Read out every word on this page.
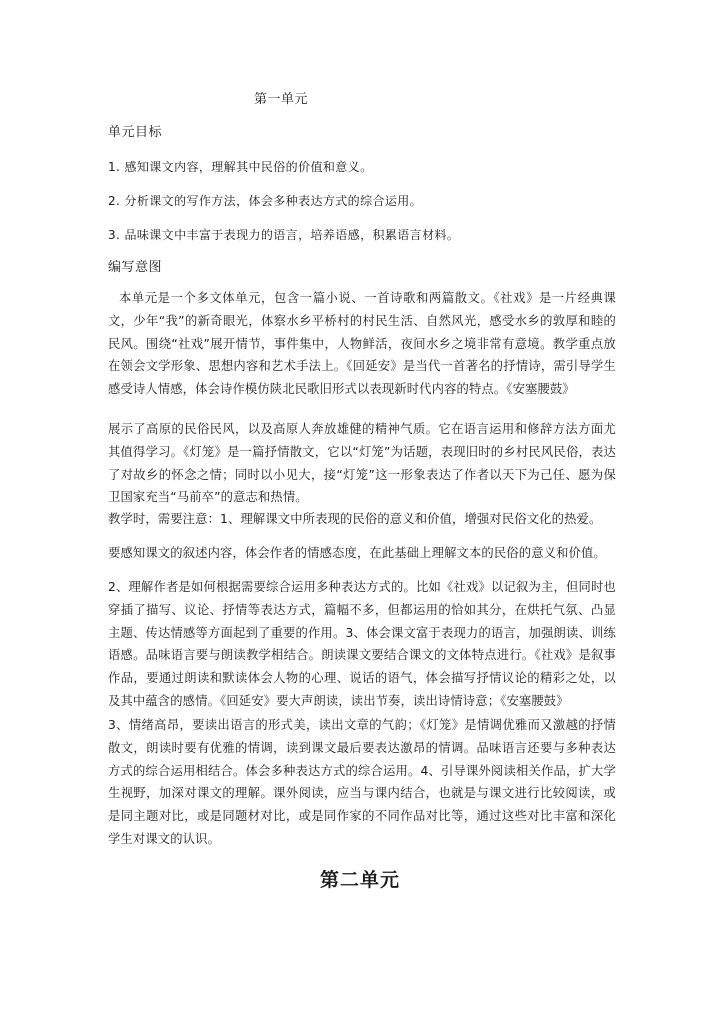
第一单元
单元目标
1. 感知课文内容，理解其中民俗的价值和意义。
2. 分析课文的写作方法，体会多种表达方式的综合运用。
3. 品味课文中丰富于表现力的语言，培养语感，积累语言材料。
编写意图
本单元是一个多文体单元，包含一篇小说、一首诗歌和两篇散文。《社戏》是一片经典课文，少年“我”的新奇眼光，体察水乡平桥村的村民生活、自然风光，感受水乡的敦厚和睦的民风。围绕“社戏”展开情节，事件集中，人物鲜活，夜间水乡之境非常有意境。教学重点放在领会文学形象、思想内容和艺术手法上。《回延安》是当代一首著名的抒情诗，需引导学生感受诗人情感，体会诗作模仿陕北民歌旧形式以表现新时代内容的特点。《安塞腰鼓》
展示了高原的民俗民风，以及高原人奔放雄健的精神气质。它在语言运用和修辞方法方面尤其值得学习。《灯笼》是一篇抒情散文，它以“灯笼”为话题，表现旧时的乡村民风民俗，表达了对故乡的怀念之情；同时以小见大，接“灯笼”这一形象表达了作者以天下为己任、愿为保卫国家充当“马前卒”的意志和热情。
教学时，需要注意：1、理解课文中所表现的民俗的意义和价值，增强对民俗文化的热爱。
要感知课文的叙述内容，体会作者的情感态度，在此基础上理解文本的民俗的意义和价值。
2、理解作者是如何根据需要综合运用多种表达方式的。比如《社戏》以记叙为主，但同时也穿插了描写、议论、抒情等表达方式，篇幅不多，但都运用的恰如其分，在烘托气氛、凸显主题、传达情感等方面起到了重要的作用。3、体会课文富于表现力的语言，加强朗读、训练语感。品味语言要与朗读教学相结合。朗读课文要结合课文的文体特点进行。《社戏》是叙事作品，要通过朗读和默读体会人物的心理、说话的语气，体会描写抒情议论的精彩之处，以及其中蕴含的感情。《回延安》要大声朗读，读出节奏，读出诗情诗意；《安塞腰鼓》
3、情绪高昂，要读出语言的形式美，读出文章的气韵；《灯笼》是情调优雅而又激越的抒情散文，朗读时要有优雅的情调，读到课文最后要表达激昂的情调。品味语言还要与多种表达方式的综合运用相结合。体会多种表达方式的综合运用。4、引导课外阅读相关作品，扩大学生视野，加深对课文的理解。课外阅读，应当与课内结合，也就是与课文进行比较阅读，或是同主题对比，或是同题材对比，或是同作家的不同作品对比等，通过这些对比丰富和深化学生对课文的认识。
第二单元
